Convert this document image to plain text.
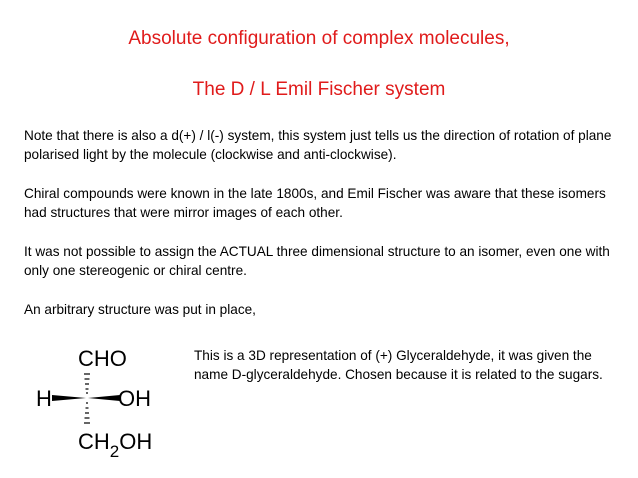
Absolute configuration of complex molecules,
The D / L Emil Fischer system
Note that there is also a d(+) / l(-) system, this system just tells us the direction of rotation of plane polarised light by the molecule (clockwise and anti-clockwise).
Chiral compounds were known in the late 1800s, and Emil Fischer was aware that these isomers had structures that were mirror images of each other.
It was not possible to assign the ACTUAL three dimensional structure to an isomer, even one with only one stereogenic or chiral centre.
An arbitrary structure was put in place,
CHO
H	OH
$CH_2OH$
This is a 3D representation of (+) Glyceraldehyde, it was given the name D-glyceraldehyde. Chosen because it is related to the sugars.
